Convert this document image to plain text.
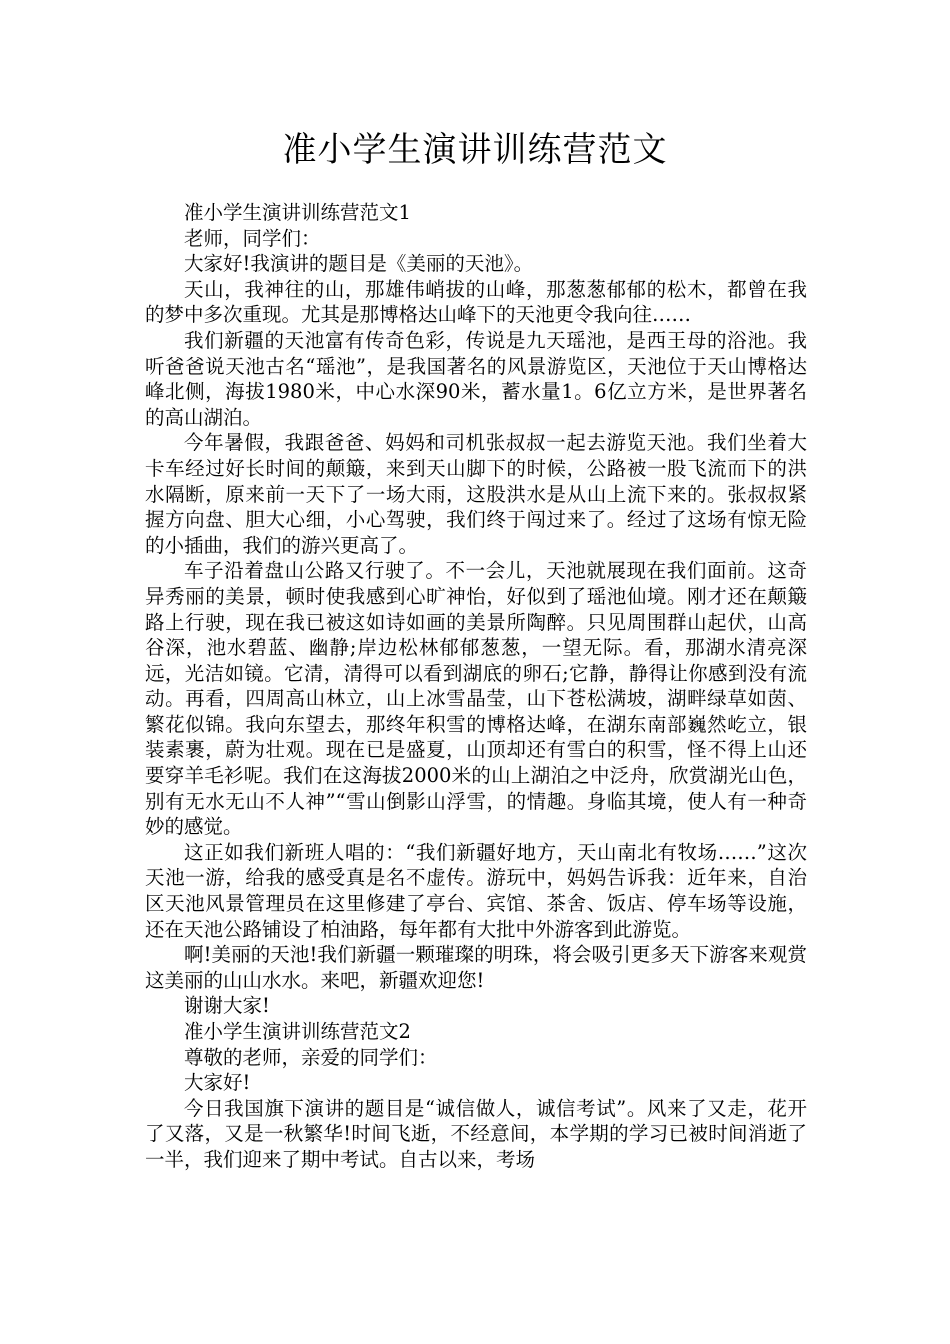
准小学生演讲训练营范文

准小学生演讲训练营范文1

老师，同学们：

大家好!我演讲的题目是《美丽的天池》。

天山，我神往的山，那雄伟峭拔的山峰，那葱葱郁郁的松木，都曾在我的梦中多次重现。尤其是那博格达山峰下的天池更令我向往……

我们新疆的天池富有传奇色彩，传说是九天瑶池，是西王母的浴池。我听爸爸说天池古名“瑶池”，是我国著名的风景游览区，天池位于天山博格达峰北侧，海拔1980米，中心水深90米，蓄水量1。6亿立方米，是世界著名的高山湖泊。

今年暑假，我跟爸爸、妈妈和司机张叔叔一起去游览天池。我们坐着大卡车经过好长时间的颠簸，来到天山脚下的时候，公路被一股飞流而下的洪水隔断，原来前一天下了一场大雨，这股洪水是从山上流下来的。张叔叔紧握方向盘、胆大心细，小心驾驶，我们终于闯过来了。经过了这场有惊无险的小插曲，我们的游兴更高了。

车子沿着盘山公路又行驶了。不一会儿，天池就展现在我们面前。这奇异秀丽的美景，顿时使我感到心旷神怡，好似到了瑶池仙境。刚才还在颠簸路上行驶，现在我已被这如诗如画的美景所陶醉。只见周围群山起伏，山高谷深，池水碧蓝、幽静;岸边松林郁郁葱葱，一望无际。看，那湖水清亮深远，光洁如镜。它清，清得可以看到湖底的卵石;它静，静得让你感到没有流动。再看，四周高山林立，山上冰雪晶莹，山下苍松满坡，湖畔绿草如茵、繁花似锦。我向东望去，那终年积雪的博格达峰，在湖东南部巍然屹立，银装素裹，蔚为壮观。现在已是盛夏，山顶却还有雪白的积雪，怪不得上山还要穿羊毛衫呢。我们在这海拔2000米的山上湖泊之中泛舟，欣赏湖光山色，别有无水无山不人神”“雪山倒影山浮雪，的情趣。身临其境，使人有一种奇妙的感觉。

这正如我们新班人唱的：“我们新疆好地方，天山南北有牧场……”这次天池一游，给我的感受真是名不虚传。游玩中，妈妈告诉我：近年来，自治区天池风景管理员在这里修建了亭台、宾馆、茶舍、饭店、停车场等设施，还在天池公路铺设了柏油路，每年都有大批中外游客到此游览。

啊!美丽的天池!我们新疆一颗璀璨的明珠，将会吸引更多天下游客来观赏这美丽的山山水水。来吧，新疆欢迎您!

谢谢大家!

准小学生演讲训练营范文2

尊敬的老师，亲爱的同学们：

大家好!

今日我国旗下演讲的题目是“诚信做人，诚信考试”。风来了又走，花开了又落，又是一秋繁华!时间飞逝，不经意间，本学期的学习已被时间消逝了一半，我们迎来了期中考试。自古以来，考场
